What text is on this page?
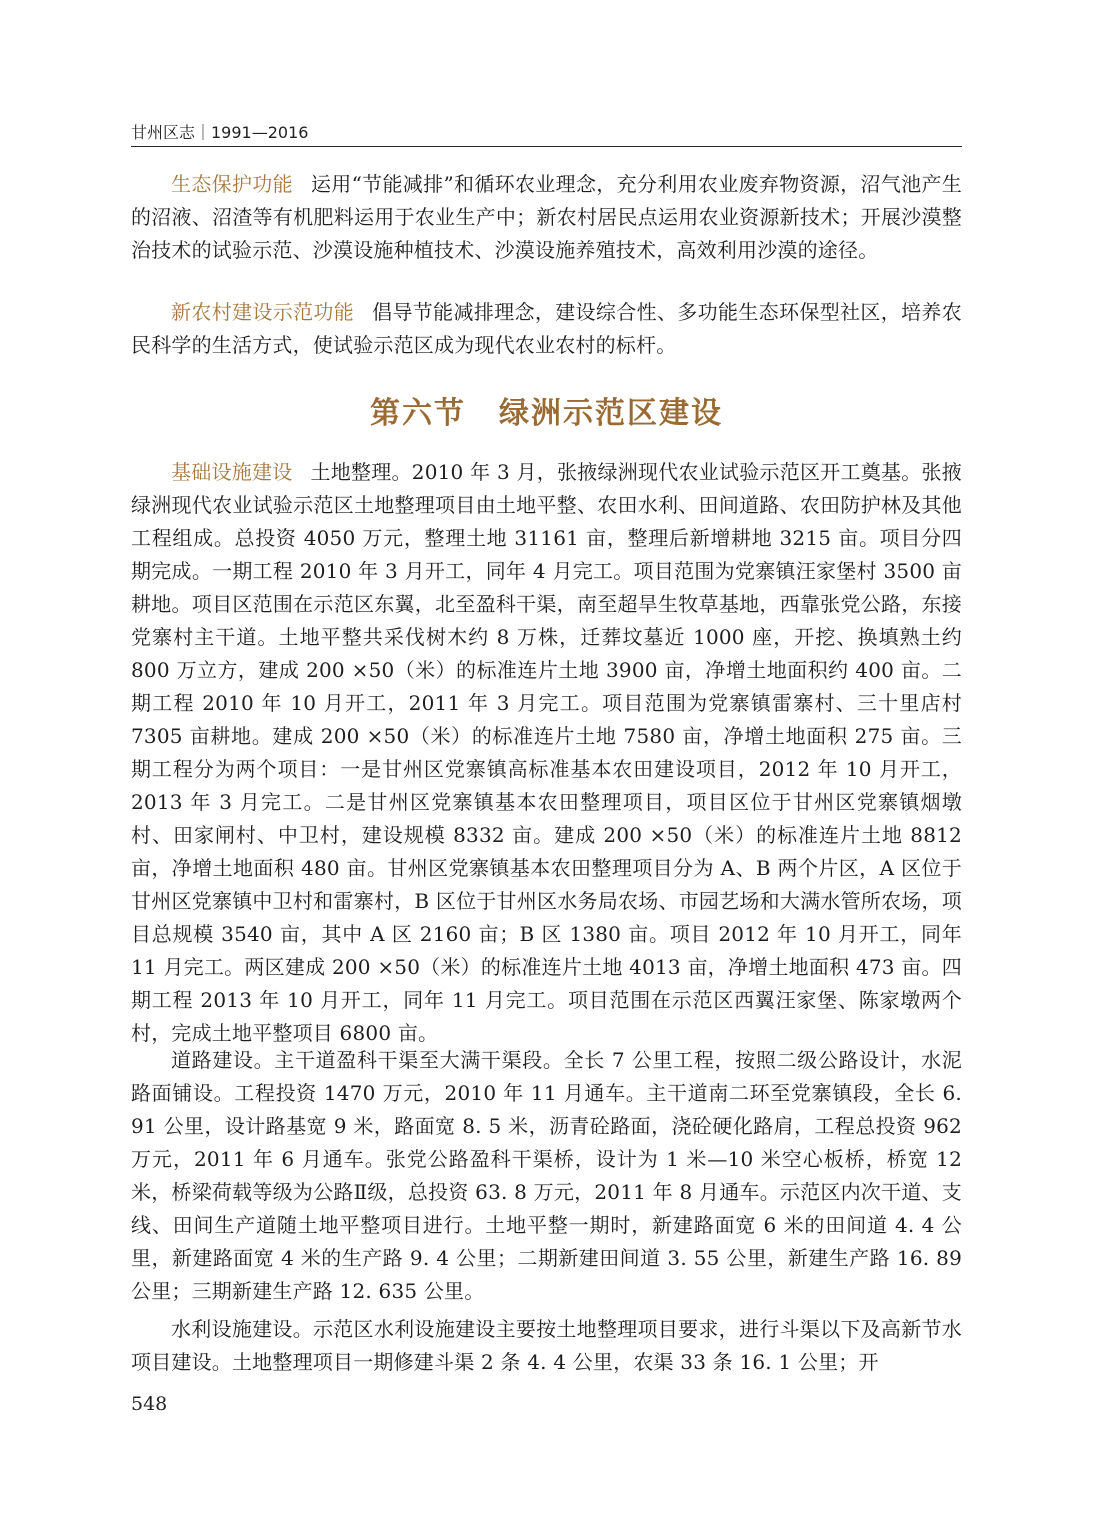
甘州区志｜1991—2016

生态保护功能 运用“节能减排”和循环农业理念，充分利用农业废弃物资源，沼气池产生的沼液、沼渣等有机肥料运用于农业生产中；新农村居民点运用农业资源新技术；开展沙漠整治技术的试验示范、沙漠设施种植技术、沙漠设施养殖技术，高效利用沙漠的途径。

新农村建设示范功能 倡导节能减排理念，建设综合性、多功能生态环保型社区，培养农民科学的生活方式，使试验示范区成为现代农业农村的标杆。

第六节 绿洲示范区建设

基础设施建设 土地整理。2010 年 3 月，张掖绿洲现代农业试验示范区开工奠基。张掖绿洲现代农业试验示范区土地整理项目由土地平整、农田水利、田间道路、农田防护林及其他工程组成。总投资 4050 万元，整理土地 31161 亩，整理后新增耕地 3215 亩。项目分四期完成。一期工程 2010 年 3 月开工，同年 4 月完工。项目范围为党寨镇汪家堡村 3500 亩耕地。项目区范围在示范区东翼，北至盈科干渠，南至超旱生牧草基地，西靠张党公路，东接党寨村主干道。土地平整共采伐树木约 8 万株，迁葬坟墓近 1000 座，开挖、换填熟土约 800 万立方，建成 200 ×50（米）的标准连片土地 3900 亩，净增土地面积约 400 亩。二期工程 2010 年 10 月开工，2011 年 3 月完工。项目范围为党寨镇雷寨村、三十里店村 7305 亩耕地。建成 200 ×50（米）的标准连片土地 7580 亩，净增土地面积 275 亩。三期工程分为两个项目：一是甘州区党寨镇高标准基本农田建设项目，2012 年 10 月开工，2013 年 3 月完工。二是甘州区党寨镇基本农田整理项目，项目区位于甘州区党寨镇烟墩村、田家闸村、中卫村，建设规模 8332 亩。建成 200 ×50（米）的标准连片土地 8812 亩，净增土地面积 480 亩。甘州区党寨镇基本农田整理项目分为 A、B 两个片区，A 区位于甘州区党寨镇中卫村和雷寨村，B 区位于甘州区水务局农场、市园艺场和大满水管所农场，项目总规模 3540 亩，其中 A 区 2160 亩；B 区 1380 亩。项目 2012 年 10 月开工，同年 11 月完工。两区建成 200 ×50（米）的标准连片土地 4013 亩，净增土地面积 473 亩。四期工程 2013 年 10 月开工，同年 11 月完工。项目范围在示范区西翼汪家堡、陈家墩两个村，完成土地平整项目 6800 亩。

道路建设。主干道盈科干渠至大满干渠段。全长 7 公里工程，按照二级公路设计，水泥路面铺设。工程投资 1470 万元，2010 年 11 月通车。主干道南二环至党寨镇段，全长 6. 91 公里，设计路基宽 9 米，路面宽 8. 5 米，沥青砼路面，浇砼硬化路肩，工程总投资 962 万元，2011 年 6 月通车。张党公路盈科干渠桥，设计为 1 米—10 米空心板桥，桥宽 12 米，桥梁荷载等级为公路Ⅱ级，总投资 63. 8 万元，2011 年 8 月通车。示范区内次干道、支线、田间生产道随土地平整项目进行。土地平整一期时，新建路面宽 6 米的田间道 4. 4 公里，新建路面宽 4 米的生产路 9. 4 公里；二期新建田间道 3. 55 公里，新建生产路 16. 89 公里；三期新建生产路 12. 635 公里。

水利设施建设。示范区水利设施建设主要按土地整理项目要求，进行斗渠以下及高新节水项目建设。土地整理项目一期修建斗渠 2 条 4. 4 公里，农渠 33 条 16. 1 公里；开

548
